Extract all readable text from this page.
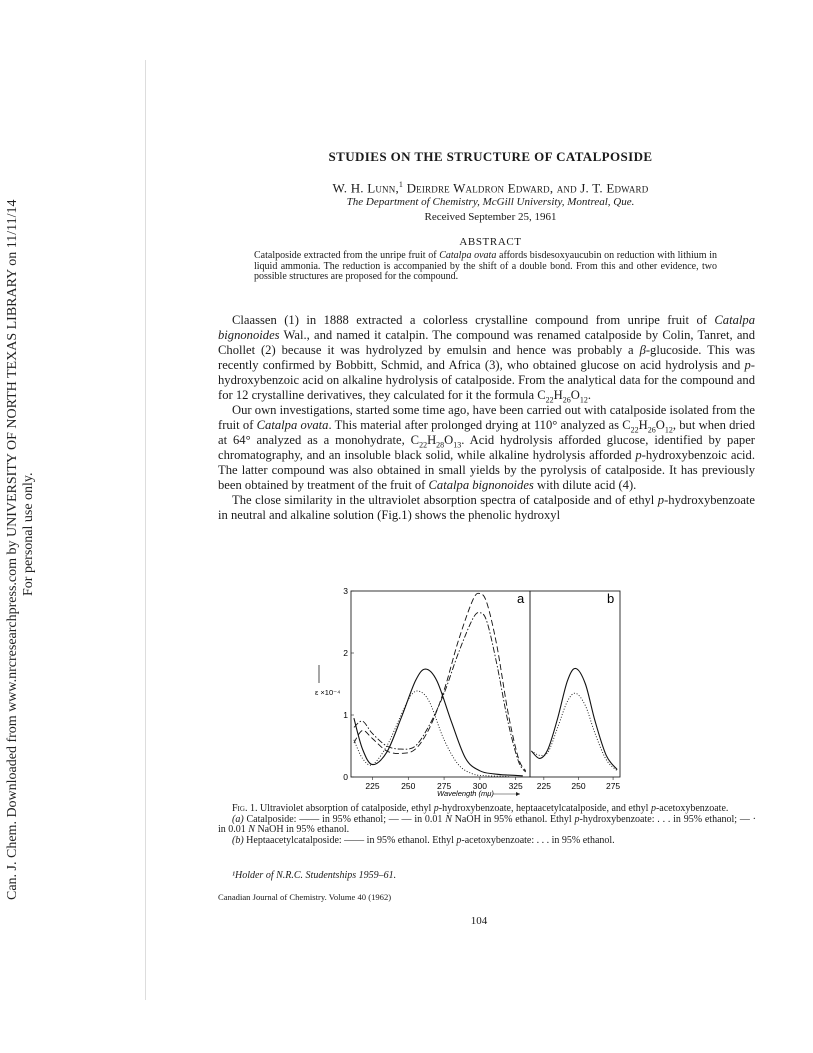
Can. J. Chem. Downloaded from www.nrcresearchpress.com by UNIVERSITY OF NORTH TEXAS LIBRARY on 11/11/14 For personal use only.
STUDIES ON THE STRUCTURE OF CATALPOSIDE
W. H. Lunn,$^1$ Deirdre Waldron Edward, and J. T. Edward
The Department of Chemistry, McGill University, Montreal, Que.
Received September 25, 1961
ABSTRACT
Catalposide extracted from the unripe fruit of Catalpa ovata affords bisdesoxyaucubin on reduction with lithium in liquid ammonia. The reduction is accompanied by the shift of a double bond. From this and other evidence, two possible structures are proposed for the compound.

Claassen (1) in 1888 extracted a colorless crystalline compound from unripe fruit of Catalpa bignonoides Wal., and named it catalpin. The compound was renamed catalposide by Colin, Tanret, and Chollet (2) because it was hydrolyzed by emulsin and hence was probably a β-glucoside. This was recently confirmed by Bobbitt, Schmid, and Africa (3), who obtained glucose on acid hydrolysis and p-hydroxybenzoic acid on alkaline hydrolysis of catalposide. From the analytical data for the compound and for 12 crystalline derivatives, they calculated for it the formula $C_{22}H_{26}O_{12}$.

Our own investigations, started some time ago, have been carried out with catalposide isolated from the fruit of Catalpa ovata. This material after prolonged drying at 110° analyzed as $C_{22}H_{26}O_{12}$, but when dried at 64° analyzed as a monohydrate, $C_{22}H_{28}O_{13}$. Acid hydrolysis afforded glucose, identified by paper chromatography, and an insoluble black solid, while alkaline hydrolysis afforded p-hydroxybenzoic acid. The latter compound was also obtained in small yields by the pyrolysis of catalposide. It has previously been obtained by treatment of the fruit of Catalpa bignonoides with dilute acid (4).

The close similarity in the ultraviolet absorption spectra of catalposide and of ethyl p-hydroxybenzoate in neutral and alkaline solution (Fig.1) shows the phenolic hydroxyl

225	250	275	300	325
3
2
1
0
225 250 275
a	b
ε ×10⁻⁴
Wavelength (mμ)

Fig. 1. Ultraviolet absorption of catalposide, ethyl p-hydroxybenzoate, heptaacetylcatalposide, and ethyl p-acetoxybenzoate.

(a) Catalposide: —— in 95% ethanol; — — in 0.01 N NaOH in 95% ethanol. Ethyl p-hydroxybenzoate: . . . in 95% ethanol; — · in 0.01 N NaOH in 95% ethanol.

(b) Heptaacetylcatalposide: —— in 95% ethanol. Ethyl p-acetoxybenzoate: . . . in 95% ethanol.

¹Holder of N.R.C. Studentships 1959–61.
Canadian Journal of Chemistry. Volume 40 (1962)
104
